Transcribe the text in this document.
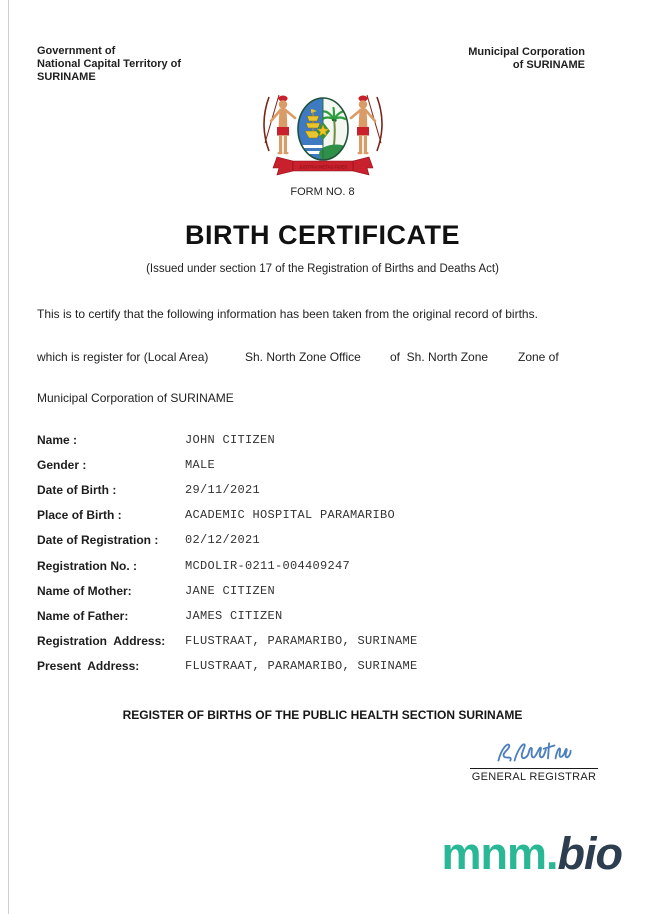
Government of
National Capital Territory of
SURINAME
Municipal Corporation
of SURINAME
JUSTITIA PIETAS FIDES
FORM NO. 8
BIRTH CERTIFICATE
(Issued under section 17 of the Registration of Births and Deaths Act)
This is to certify that the following information has been taken from the original record of births.
which is register for (Local Area)	Sh. North Zone Office of  Sh. North Zone Zone of
Municipal Corporation of SURINAME
Name :	JOHN CITIZEN
Gender :	MALE
Date of Birth :	29/11/2021
Place of Birth :	ACADEMIC HOSPITAL PARAMARIBO
Date of Registration :	02/12/2021
Registration No. :	MCDOLIR-0211-004409247
Name of Mother:	JANE CITIZEN
Name of Father:	JAMES CITIZEN
Registration  Address:	FLUSTRAAT, PARAMARIBO, SURINAME
Present  Address:	FLUSTRAAT, PARAMARIBO, SURINAME
REGISTER OF BIRTHS OF THE PUBLIC HEALTH SECTION SURINAME
GENERAL REGISTRAR
mnm.bio
